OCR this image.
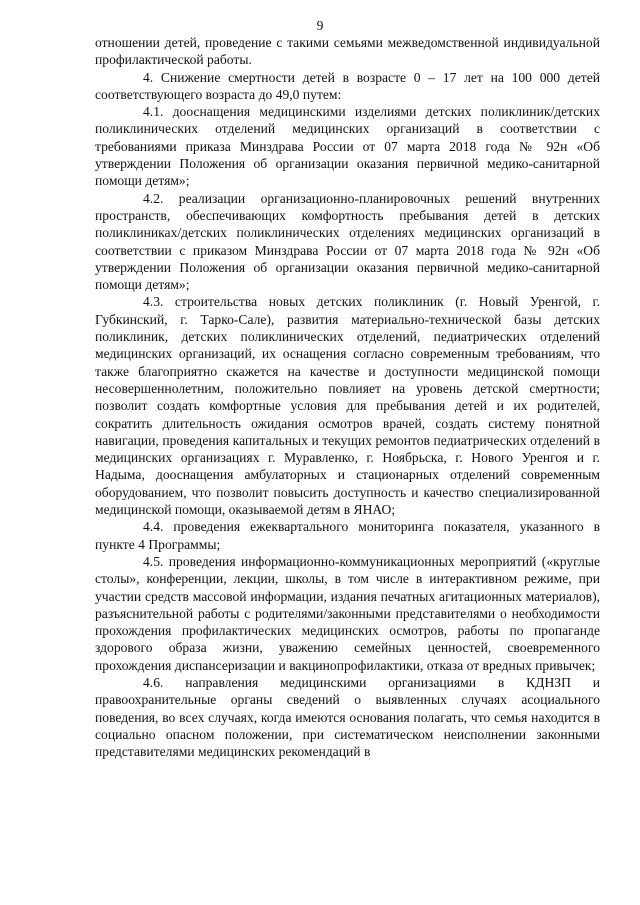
9

отношении детей, проведение с такими семьями межведомственной индивидуальной профилактической работы.

4. Снижение смертности детей в возрасте 0 – 17 лет на 100 000 детей соответствующего возраста до 49,0 путем:

4.1. дооснащения медицинскими изделиями детских поликлиник/детских поликлинических отделений медицинских организаций в соответствии с требованиями приказа Минздрава России от 07 марта 2018 года № 92н «Об утверждении Положения об организации оказания первичной медико-санитарной помощи детям»;

4.2. реализации организационно-планировочных решений внутренних пространств, обеспечивающих комфортность пребывания детей в детских поликлиниках/детских поликлинических отделениях медицинских организаций в соответствии с приказом Минздрава России от 07 марта 2018 года № 92н «Об утверждении Положения об организации оказания первичной медико-санитарной помощи детям»;

4.3. строительства новых детских поликлиник (г. Новый Уренгой, г. Губкинский, г. Тарко-Сале), развития материально-технической базы детских поликлиник, детских поликлинических отделений, педиатрических отделений медицинских организаций, их оснащения согласно современным требованиям, что также благоприятно скажется на качестве и доступности медицинской помощи несовершеннолетним, положительно повлияет на уровень детской смертности; позволит создать комфортные условия для пребывания детей и их родителей, сократить длительность ожидания осмотров врачей, создать систему понятной навигации, проведения капитальных и текущих ремонтов педиатрических отделений в медицинских организациях г. Муравленко, г. Ноябрьска, г. Нового Уренгоя и г. Надыма, дооснащения амбулаторных и стационарных отделений современным оборудованием, что позволит повысить доступность и качество специализированной медицинской помощи, оказываемой детям в ЯНАО;

4.4. проведения ежеквартального мониторинга показателя, указанного в пункте 4 Программы;

4.5. проведения информационно-коммуникационных мероприятий («круглые столы», конференции, лекции, школы, в том числе в интерактивном режиме, при участии средств массовой информации, издания печатных агитационных материалов), разъяснительной работы с родителями/законными представителями о необходимости прохождения профилактических медицинских осмотров, работы по пропаганде здорового образа жизни, уважению семейных ценностей, своевременного прохождения диспансеризации и вакцинопрофилактики, отказа от вредных привычек;

4.6. направления медицинскими организациями в КДНЗП и правоохранительные органы сведений о выявленных случаях асоциального поведения, во всех случаях, когда имеются основания полагать, что семья находится в социально опасном положении, при систематическом неисполнении законными представителями медицинских рекомендаций в
